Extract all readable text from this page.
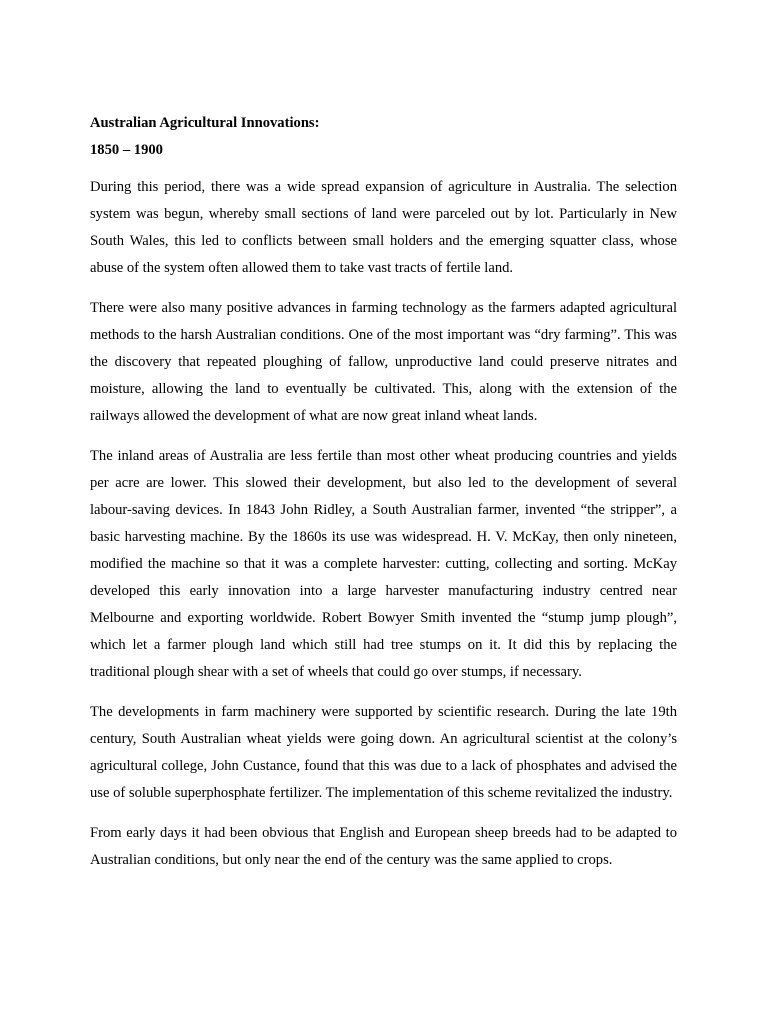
Australian Agricultural Innovations:

1850 – 1900

During this period, there was a wide spread expansion of agriculture in Australia. The selection system was begun, whereby small sections of land were parceled out by lot. Particularly in New South Wales, this led to conflicts between small holders and the emerging squatter class, whose abuse of the system often allowed them to take vast tracts of fertile land.

There were also many positive advances in farming technology as the farmers adapted agricultural methods to the harsh Australian conditions. One of the most important was “dry farming”. This was the discovery that repeated ploughing of fallow, unproductive land could preserve nitrates and moisture, allowing the land to eventually be cultivated. This, along with the extension of the railways allowed the development of what are now great inland wheat lands.

The inland areas of Australia are less fertile than most other wheat producing countries and yields per acre are lower. This slowed their development, but also led to the development of several labour-saving devices. In 1843 John Ridley, a South Australian farmer, invented “the stripper”, a basic harvesting machine. By the 1860s its use was widespread. H. V. McKay, then only nineteen, modified the machine so that it was a complete harvester: cutting, collecting and sorting. McKay developed this early innovation into a large harvester manufacturing industry centred near Melbourne and exporting worldwide. Robert Bowyer Smith invented the “stump jump plough”, which let a farmer plough land which still had tree stumps on it. It did this by replacing the traditional plough shear with a set of wheels that could go over stumps, if necessary.

The developments in farm machinery were supported by scientific research. During the late 19th century, South Australian wheat yields were going down. An agricultural scientist at the colony’s agricultural college, John Custance, found that this was due to a lack of phosphates and advised the use of soluble superphosphate fertilizer. The implementation of this scheme revitalized the industry.

From early days it had been obvious that English and European sheep breeds had to be adapted to Australian conditions, but only near the end of the century was the same applied to crops.
